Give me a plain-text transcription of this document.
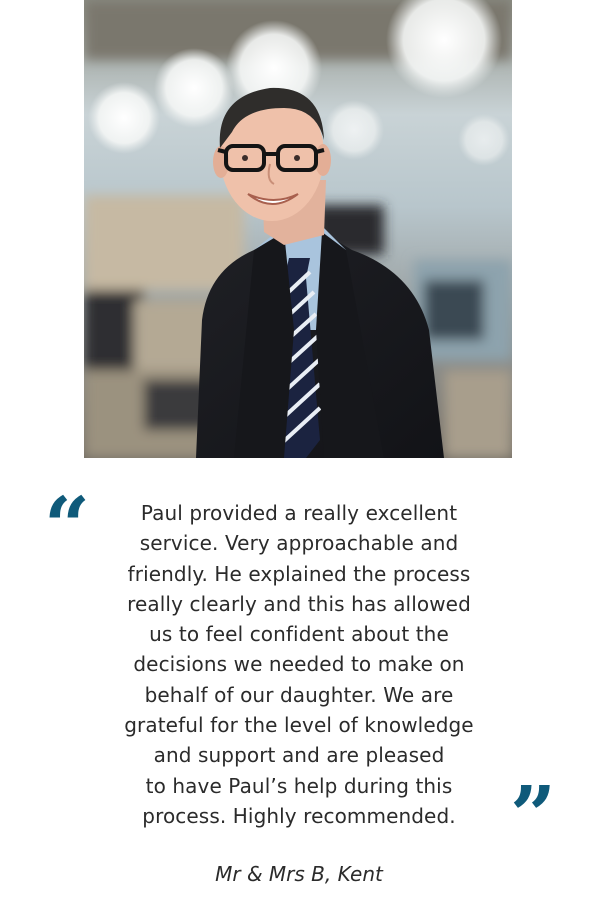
“	Paul provided a really excellent
service. Very approachable and
friendly. He explained the process
really clearly and this has allowed
us to feel confident about the
decisions we needed to make on
behalf of our daughter. We are
grateful for the level of knowledge
and support and are pleased
to have Paul’s help during this
process. Highly recommended. ”
Mr & Mrs B, Kent
